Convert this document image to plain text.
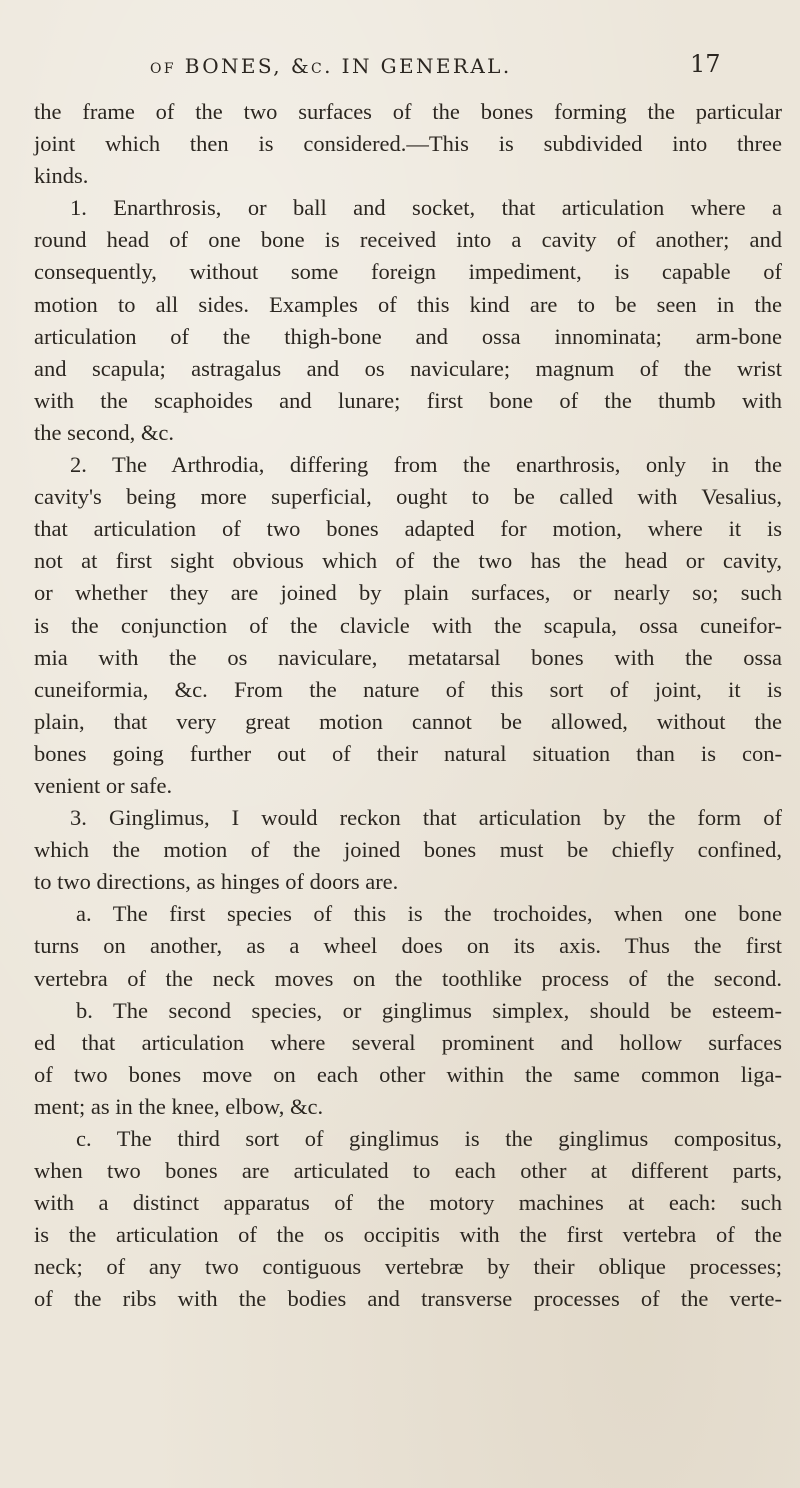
of BONES, &c. IN GENERAL.	17
the frame of the two surfaces of the bones forming the particular
joint which then is considered.—This is subdivided into three
kinds.
1. Enarthrosis, or ball and socket, that articulation where a
round head of one bone is received into a cavity of another; and
consequently, without some foreign impediment, is capable of
motion to all sides. Examples of this kind are to be seen in the
articulation of the thigh-bone and ossa innominata; arm-bone
and scapula; astragalus and os naviculare; magnum of the wrist
with the scaphoides and lunare; first bone of the thumb with
the second, &c.
2. The Arthrodia, differing from the enarthrosis, only in the
cavity's being more superficial, ought to be called with Vesalius,
that articulation of two bones adapted for motion, where it is
not at first sight obvious which of the two has the head or cavity,
or whether they are joined by plain surfaces, or nearly so; such
is the conjunction of the clavicle with the scapula, ossa cuneifor-
mia with the os naviculare, metatarsal bones with the ossa
cuneiformia, &c. From the nature of this sort of joint, it is
plain, that very great motion cannot be allowed, without the
bones going further out of their natural situation than is con-
venient or safe.
3. Ginglimus, I would reckon that articulation by the form of
which the motion of the joined bones must be chiefly confined,
to two directions, as hinges of doors are.
a. The first species of this is the trochoides, when one bone
turns on another, as a wheel does on its axis. Thus the first
vertebra of the neck moves on the toothlike process of the second.
b. The second species, or ginglimus simplex, should be esteem-
ed that articulation where several prominent and hollow surfaces
of two bones move on each other within the same common liga-
ment; as in the knee, elbow, &c.
c. The third sort of ginglimus is the ginglimus compositus,
when two bones are articulated to each other at different parts,
with a distinct apparatus of the motory machines at each: such
is the articulation of the os occipitis with the first vertebra of the
neck; of any two contiguous vertebræ by their oblique processes;
of the ribs with the bodies and transverse processes of the verte-
